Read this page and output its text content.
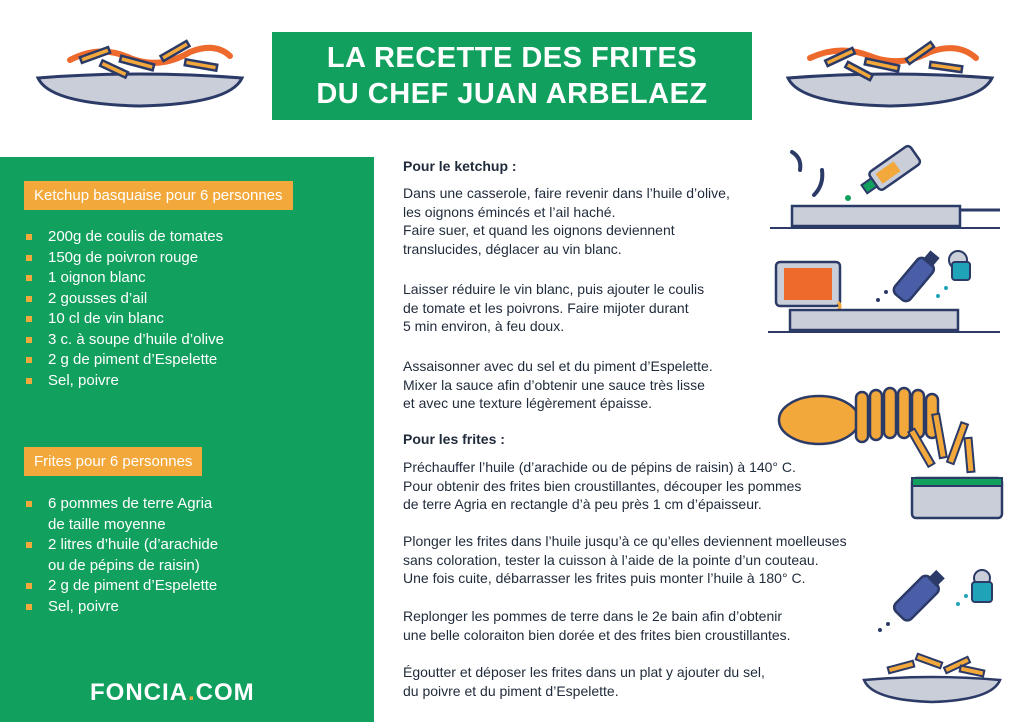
LA RECETTE DES FRITES
DU CHEF JUAN ARBELAEZ
Ketchup basquaise pour 6 personnes
200g de coulis de tomates
150g de poivron rouge
1 oignon blanc
2 gousses d’ail
10 cl de vin blanc
3 c. à soupe d’huile d’olive
2 g de piment d’Espelette
Sel, poivre
Frites pour 6 personnes
6 pommes de terre Agria
de taille moyenne
2 litres d’huile (d’arachide
ou de pépins de raisin)
2 g de piment d’Espelette
Sel, poivre
FONCIA.COM
Pour le ketchup :
Dans une casserole, faire revenir dans l’huile d’olive,
les oignons émincés et l’ail haché.
Faire suer, et quand les oignons deviennent
translucides, déglacer au vin blanc.
Laisser réduire le vin blanc, puis ajouter le coulis
de tomate et les poivrons. Faire mijoter durant
5 min environ, à feu doux.
Assaisonner avec du sel et du piment d’Espelette.
Mixer la sauce afin d’obtenir une sauce très lisse
et avec une texture légèrement épaisse.
Pour les frites :
Préchauffer l’huile (d’arachide ou de pépins de raisin) à 140° C.
Pour obtenir des frites bien croustillantes, découper les pommes
de terre Agria en rectangle d’à peu près 1 cm d’épaisseur.
Plonger les frites dans l’huile jusqu’à ce qu’elles deviennent moelleuses
sans coloration, tester la cuisson à l’aide de la pointe d’un couteau.
Une fois cuite, débarrasser les frites puis monter l’huile à 180° C.
Replonger les pommes de terre dans le 2e bain afin d’obtenir
une belle coloraiton bien dorée et des frites bien croustillantes.
Égoutter et déposer les frites dans un plat y ajouter du sel,
du poivre et du piment d’Espelette.
